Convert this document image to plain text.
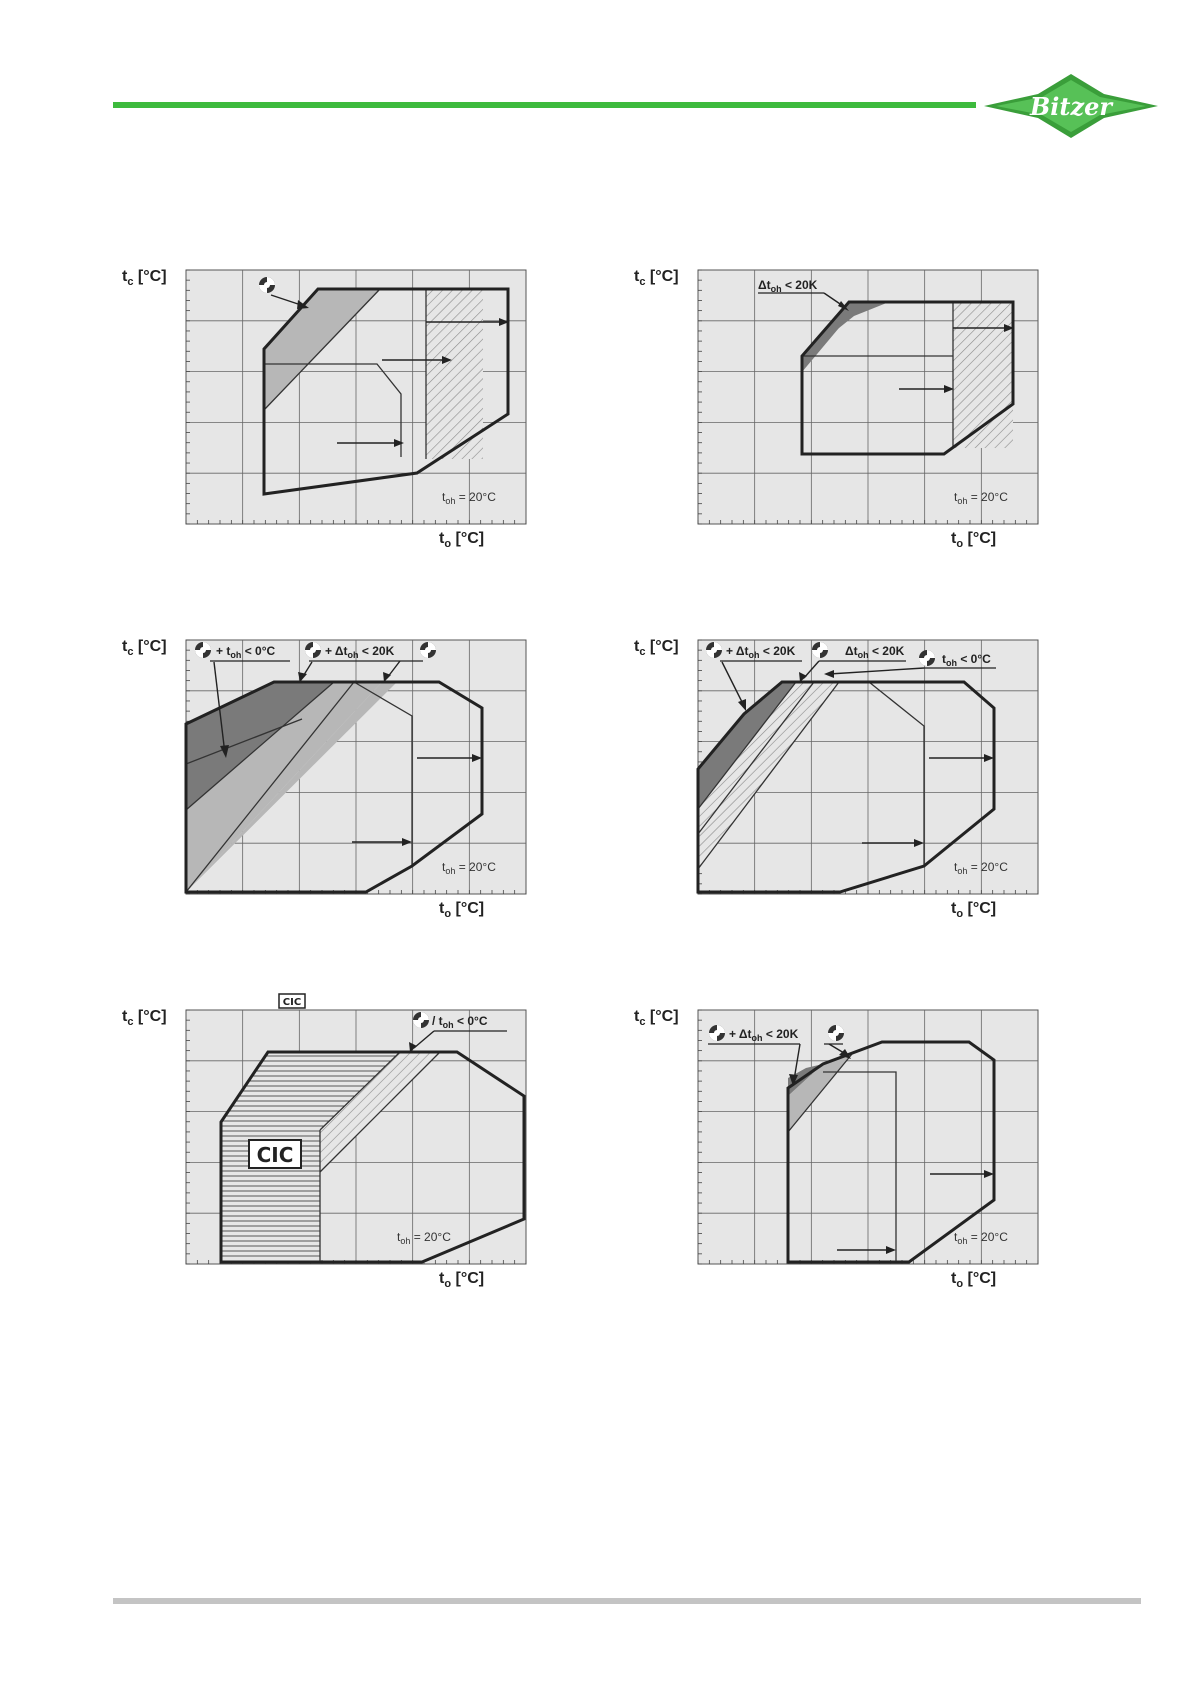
Bitzer
$t_c$ [°C]
$t_o$ [°C]
$t_{oh} = 20^\circ C$
$\Delta t_{oh} < 20K$
$t_c$ [°C]
$t_o$ [°C]
$t_{oh} = 20^\circ C$
+ $t_{oh} < 0^\circ C$	+ $\Delta t_{oh} < 20K$
$t_c$ [°C]
$t_o$ [°C]
$t_{oh} = 20^\circ C$
+ $\Delta t_{oh} < 20K$	$\Delta t_{oh} < 20K$
$t_{oh} < 0^\circ C$
$t_c$ [°C]
$t_o$ [°C]
$t_{oh} = 20^\circ C$
CIC
CIC
/ $t_{oh} < 0^\circ C$
$t_c$ [°C]
$t_o$ [°C]
$t_{oh} = 20^\circ C$
+ $\Delta t_{oh} < 20K$
$t_c$ [°C]
$t_o$ [°C]
$t_{oh} = 20^\circ C$
